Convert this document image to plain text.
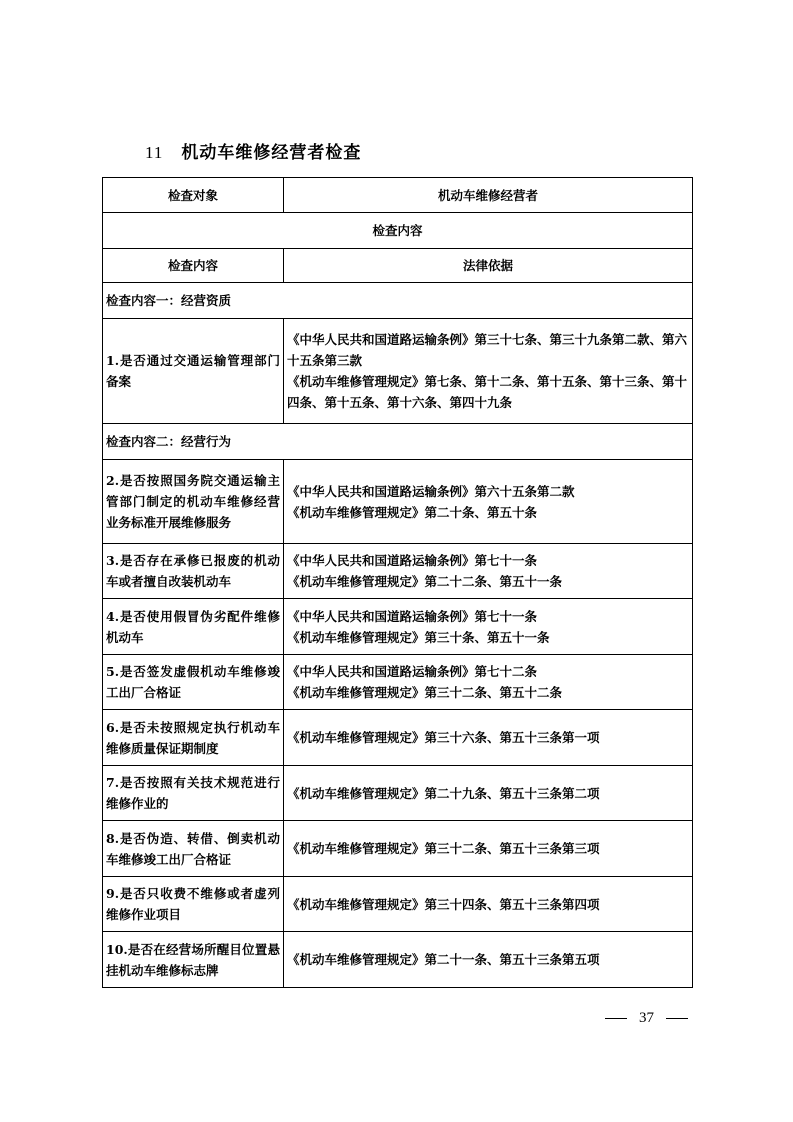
11 机动车维修经营者检查
检查对象	机动车维修经营者
检查内容	
检查内容	法律依据
检查内容一：经营资质	
1.是否通过交通运输管理部门备案	《中华人民共和国道路运输条例》第三十七条、第三十九条第二款、第六十五条第三款
《机动车维修管理规定》第七条、第十二条、第十五条、第十三条、第十四条、第十五条、第十六条、第四十九条

检查内容二：经营行为	
2.是否按照国务院交通运输主管部门制定的机动车维修经营业务标准开展维修服务	《中华人民共和国道路运输条例》第六十五条第二款
《机动车维修管理规定》第二十条、第五十条

3.是否存在承修已报废的机动车或者擅自改装机动车	《中华人民共和国道路运输条例》第七十一条
《机动车维修管理规定》第二十二条、第五十一条

4.是否使用假冒伪劣配件维修机动车	《中华人民共和国道路运输条例》第七十一条
《机动车维修管理规定》第三十条、第五十一条

5.是否签发虚假机动车维修竣工出厂合格证	《中华人民共和国道路运输条例》第七十二条
《机动车维修管理规定》第三十二条、第五十二条

6.是否未按照规定执行机动车维修质量保证期制度	《机动车维修管理规定》第三十六条、第五十三条第一项

7.是否按照有关技术规范进行维修作业的	《机动车维修管理规定》第二十九条、第五十三条第二项

8.是否伪造、转借、倒卖机动车维修竣工出厂合格证	《机动车维修管理规定》第三十二条、第五十三条第三项

9.是否只收费不维修或者虚列维修作业项目	《机动车维修管理规定》第三十四条、第五十三条第四项

10.是否在经营场所醒目位置悬挂机动车维修标志牌	《机动车维修管理规定》第二十一条、第五十三条第五项
37
